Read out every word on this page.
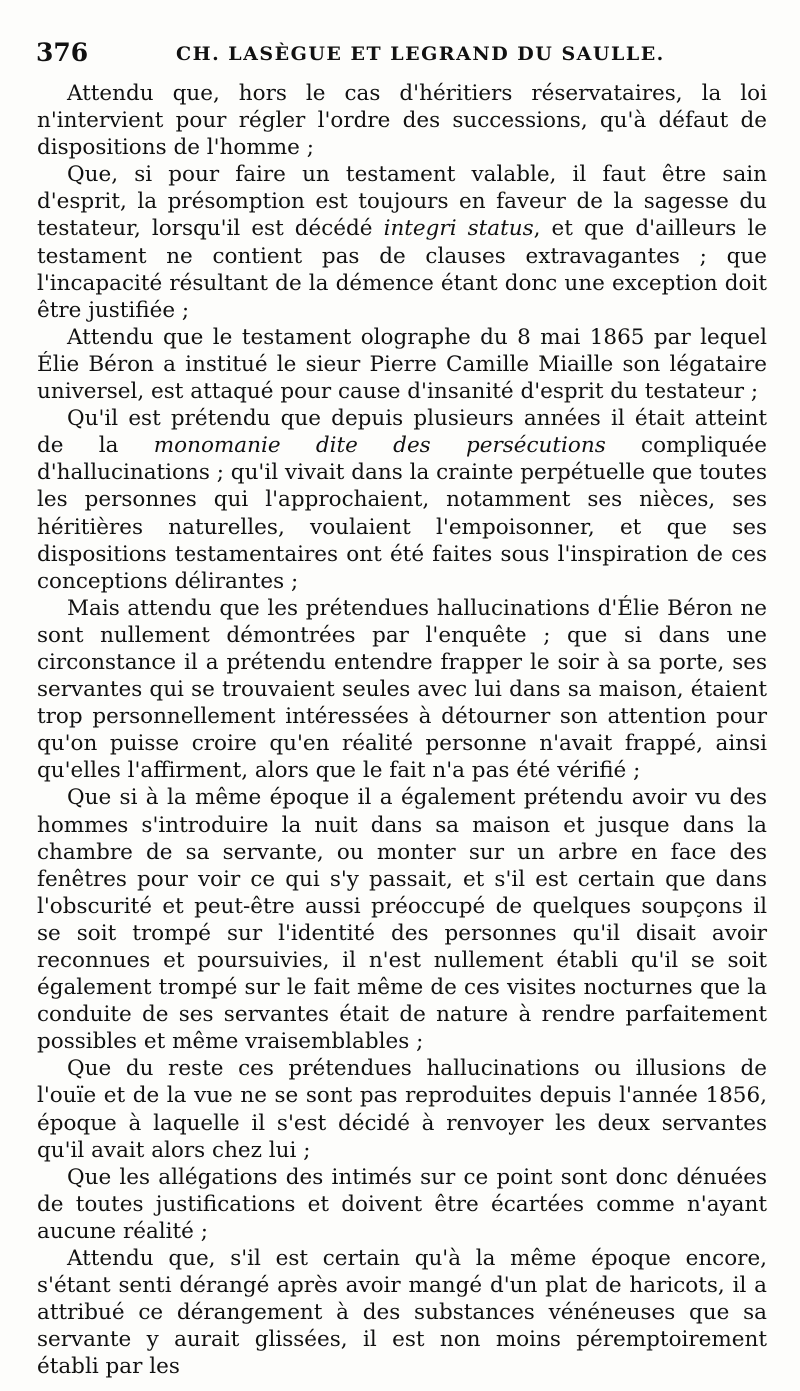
376	CH. LASÈGUE ET LEGRAND DU SAULLE.

Attendu que, hors le cas d'héritiers réservataires, la loi n'intervient pour régler l'ordre des successions, qu'à défaut de dispositions de l'homme ;

Que, si pour faire un testament valable, il faut être sain d'esprit, la présomption est toujours en faveur de la sagesse du testateur, lorsqu'il est décédé integri status, et que d'ailleurs le testament ne contient pas de clauses extravagantes ; que l'incapacité résultant de la démence étant donc une exception doit être justifiée ;

Attendu que le testament olographe du 8 mai 1865 par lequel Élie Béron a institué le sieur Pierre Camille Miaille son légataire universel, est attaqué pour cause d'insanité d'esprit du testateur ;

Qu'il est prétendu que depuis plusieurs années il était atteint de la monomanie dite des persécutions compliquée d'hallucinations ; qu'il vivait dans la crainte perpétuelle que toutes les personnes qui l'approchaient, notamment ses nièces, ses héritières naturelles, voulaient l'empoisonner, et que ses dispositions testamentaires ont été faites sous l'inspiration de ces conceptions délirantes ;

Mais attendu que les prétendues hallucinations d'Élie Béron ne sont nullement démontrées par l'enquête ; que si dans une circonstance il a prétendu entendre frapper le soir à sa porte, ses servantes qui se trouvaient seules avec lui dans sa maison, étaient trop personnellement intéressées à détourner son attention pour qu'on puisse croire qu'en réalité personne n'avait frappé, ainsi qu'elles l'affirment, alors que le fait n'a pas été vérifié ;

Que si à la même époque il a également prétendu avoir vu des hommes s'introduire la nuit dans sa maison et jusque dans la chambre de sa servante, ou monter sur un arbre en face des fenêtres pour voir ce qui s'y passait, et s'il est certain que dans l'obscurité et peut-être aussi préoccupé de quelques soupçons il se soit trompé sur l'identité des personnes qu'il disait avoir reconnues et poursuivies, il n'est nullement établi qu'il se soit également trompé sur le fait même de ces visites nocturnes que la conduite de ses servantes était de nature à rendre parfaitement possibles et même vraisemblables ;

Que du reste ces prétendues hallucinations ou illusions de l'ouïe et de la vue ne se sont pas reproduites depuis l'année 1856, époque à laquelle il s'est décidé à renvoyer les deux servantes qu'il avait alors chez lui ;

Que les allégations des intimés sur ce point sont donc dénuées de toutes justifications et doivent être écartées comme n'ayant aucune réalité ;

Attendu que, s'il est certain qu'à la même époque encore, s'étant senti dérangé après avoir mangé d'un plat de haricots, il a attribué ce dérangement à des substances vénéneuses que sa servante y aurait glissées, il est non moins péremptoirement établi par les
